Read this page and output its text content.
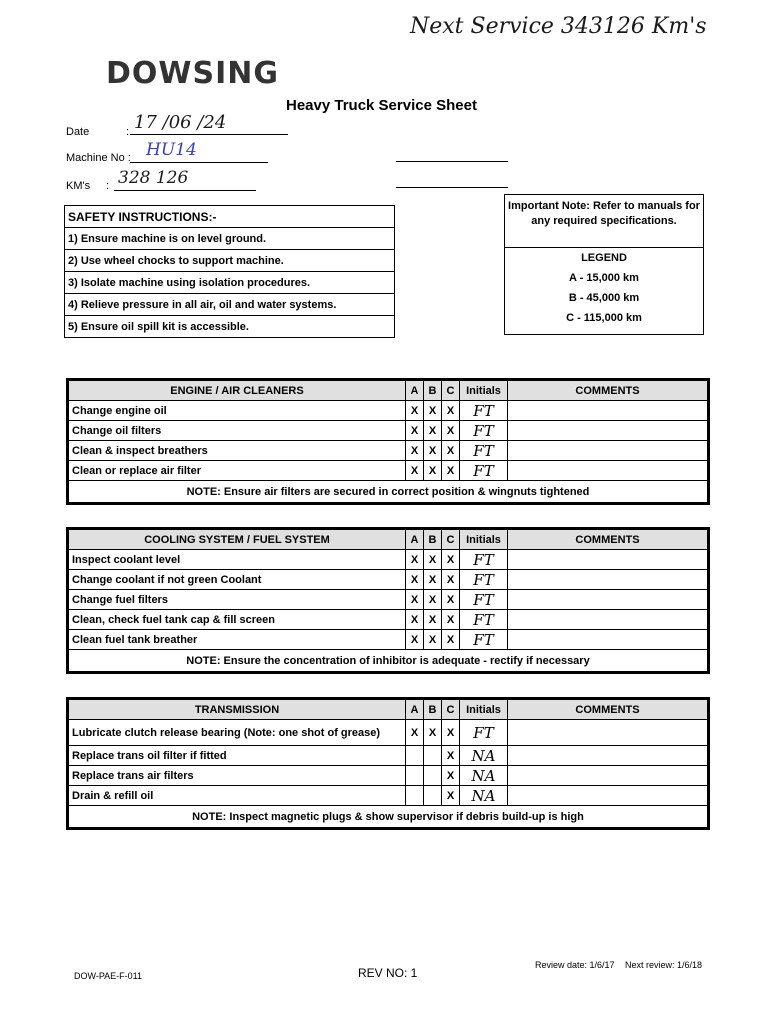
Next Service 343126 Km's
DOWSING
Heavy Truck Service Sheet
Date	: 17 /06 /24
Machine No : HU14
KM's : 328 126
SAFETY INSTRUCTIONS:-
1) Ensure machine is on level ground.
2) Use wheel chocks to support machine.
3) Isolate machine using isolation procedures.
4) Relieve pressure in all air, oil and water systems.
5) Ensure oil spill kit is accessible.
Important Note: Refer to manuals for any required specifications.
LEGEND
A - 15,000 km
B - 45,000 km
C - 115,000 km
ENGINE / AIR CLEANERS	A	B	C	Initials	COMMENTS
Change engine oil	X	X	X	FT	
Change oil filters	X	X	X	FT	
Clean & inspect breathers	X	X	X	FT	
Clean or replace air filter	X	X	X	FT	
NOTE: Ensure air filters are secured in correct position & wingnuts tightened					
COOLING SYSTEM / FUEL SYSTEM	A	B	C	Initials	COMMENTS
Inspect coolant level	X	X	X	FT	
Change coolant if not green Coolant	X	X	X	FT	
Change fuel filters	X	X	X	FT	
Clean, check fuel tank cap & fill screen	X	X	X	FT	
Clean fuel tank breather	X	X	X	FT	
NOTE: Ensure the concentration of inhibitor is adequate - rectify if necessary					
TRANSMISSION	A	B	C	Initials	COMMENTS
Lubricate clutch release bearing (Note: one shot of grease)	X	X	X	FT	
Replace trans oil filter if fitted			X	NA	
Replace trans air filters			X	NA	
Drain & refill oil			X	NA	
NOTE: Inspect magnetic plugs & show supervisor if debris build-up is high					
DOW-PAE-F-011	REV NO: 1
Review date: 1/6/17 Next review: 1/6/18
